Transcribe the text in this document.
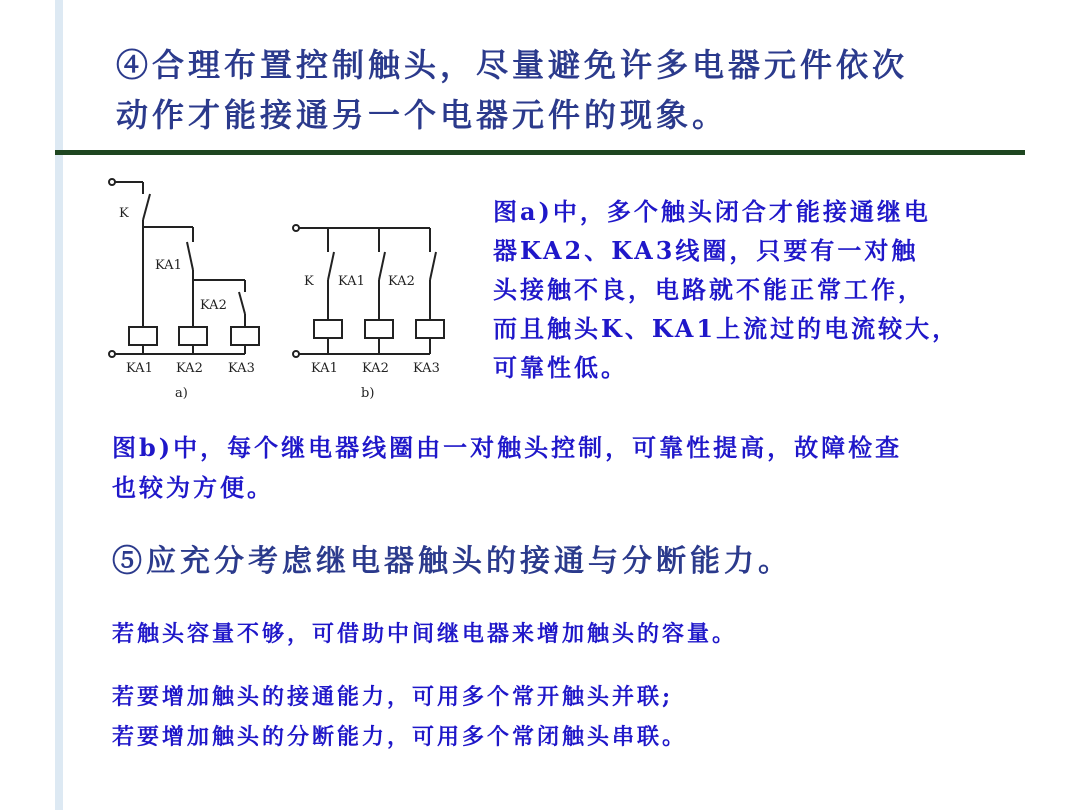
④合理布置控制触头，尽量避免许多电器元件依次
动作才能接通另一个电器元件的现象。
K
KA1
KA2
KA1 KA2 KA3
a)
K KA1 KA2
KA1 KA2 KA3
b)
图a)中，多个触头闭合才能接通继电
器KA2、KA3线圈，只要有一对触
头接触不良，电路就不能正常工作，
而且触头K、KA1上流过的电流较大，
可靠性低。
图b)中，每个继电器线圈由一对触头控制，可靠性提高，故障检查
也较为方便。
⑤应充分考虑继电器触头的接通与分断能力。
若触头容量不够，可借助中间继电器来增加触头的容量。
若要增加触头的接通能力，可用多个常开触头并联;
若要增加触头的分断能力，可用多个常闭触头串联。
